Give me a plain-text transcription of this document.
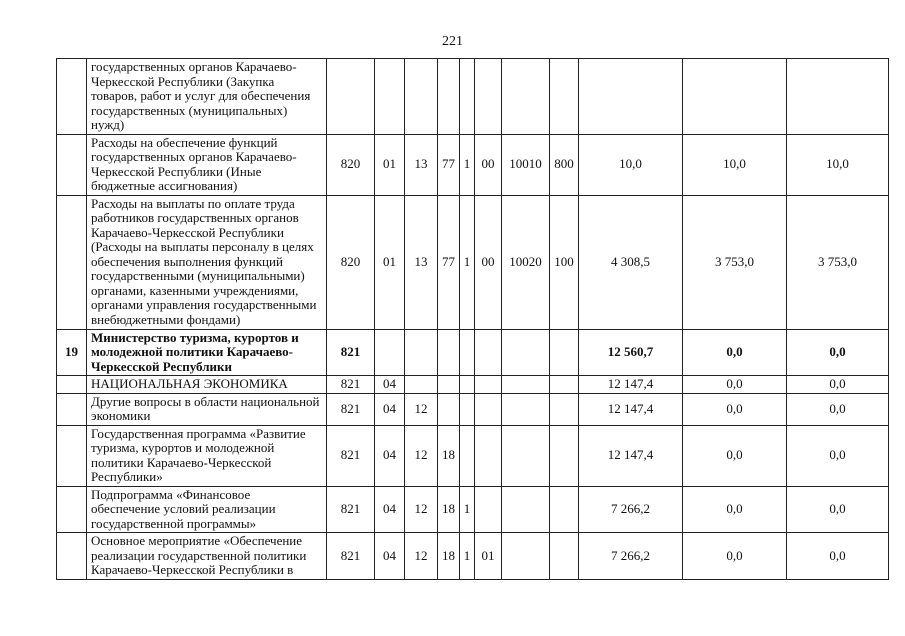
221
	государственных органов Карачаево-Черкесской Республики (Закупка товаров, работ и услуг для обеспечения государственных (муниципальных) нужд)											
	Расходы на обеспечение функций государственных органов Карачаево-Черкесской Республики (Иные бюджетные ассигнования)	820	01	13	77	1	00	10010	800	10,0	10,0	10,0
	Расходы на выплаты по оплате труда работников государственных органов Карачаево-Черкесской Республики (Расходы на выплаты персоналу в целях обеспечения выполнения функций государственными (муниципальными) органами, казенными учреждениями, органами управления государственными внебюджетными фондами)	820	01	13	77	1	00	10020	100	4 308,5	3 753,0	3 753,0
19	Министерство туризма, курортов и молодежной политики Карачаево-Черкесской Республики	821								12 560,7	0,0	0,0
	НАЦИОНАЛЬНАЯ ЭКОНОМИКА	821	04							12 147,4	0,0	0,0
	Другие вопросы в области национальной экономики	821	04	12						12 147,4	0,0	0,0
	Государственная программа «Развитие туризма, курортов и молодежной политики Карачаево-Черкесской Республики»	821	04	12	18					12 147,4	0,0	0,0
	Подпрограмма «Финансовое обеспечение условий реализации государственной программы»	821	04	12	18	1				7 266,2	0,0	0,0
	Основное мероприятие «Обеспечение реализации государственной политики Карачаево-Черкесской Республики в	821	04	12	18	1	01			7 266,2	0,0	0,0
